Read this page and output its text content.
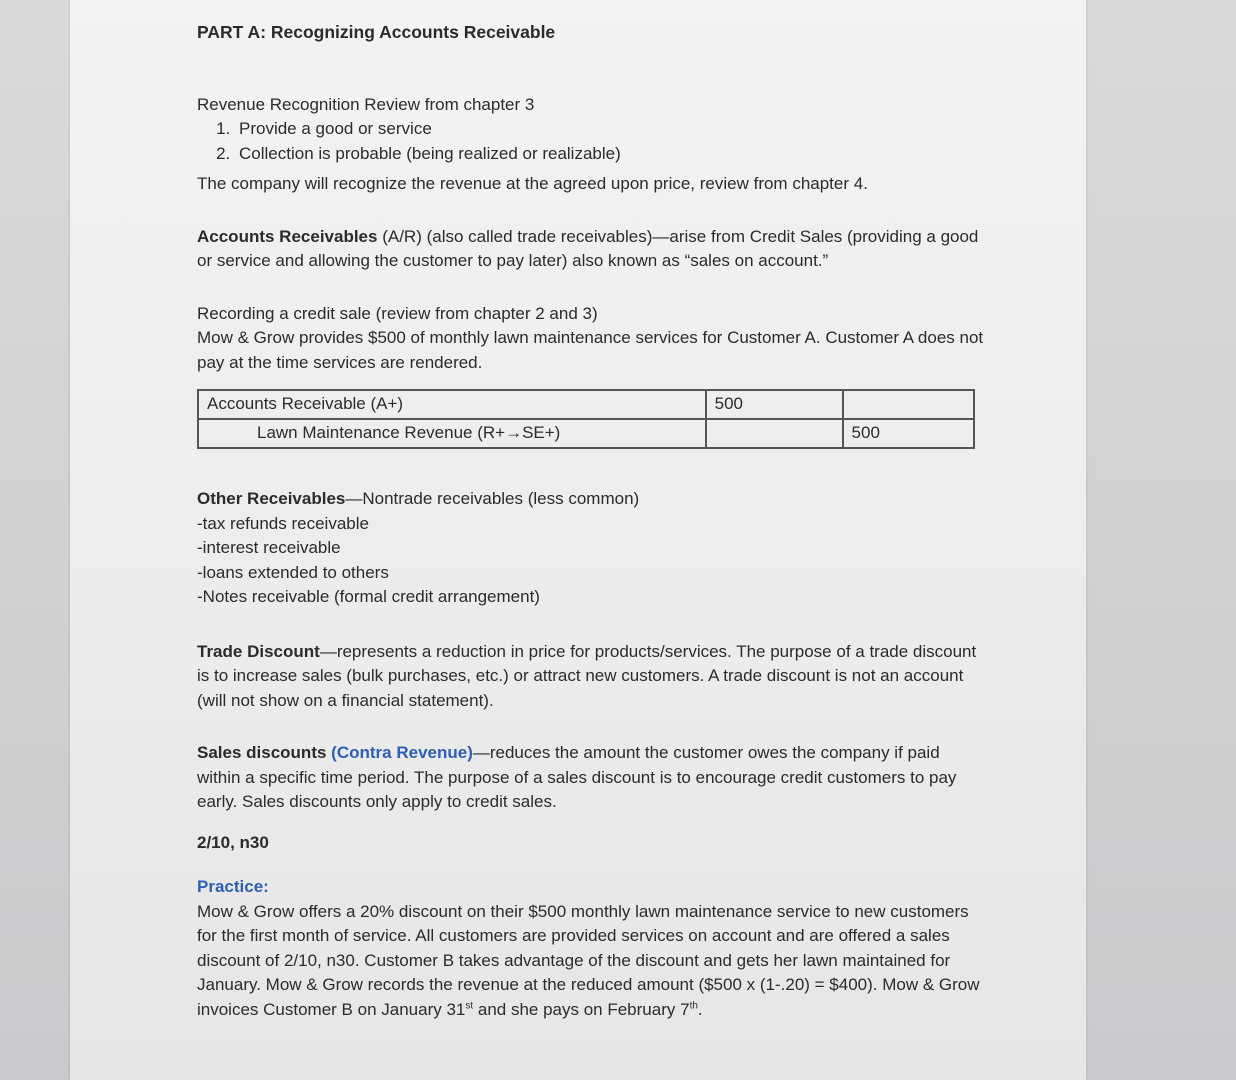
PART A: Recognizing Accounts Receivable

Revenue Recognition Review from chapter 3

1. Provide a good or service
2. Collection is probable (being realized or realizable)

The company will recognize the revenue at the agreed upon price, review from chapter 4.

Accounts Receivables (A/R) (also called trade receivables)—arise from Credit Sales (providing a good or service and allowing the customer to pay later) also known as “sales on account.”

Recording a credit sale (review from chapter 2 and 3)

Mow & Grow provides $500 of monthly lawn maintenance services for Customer A. Customer A does not pay at the time services are rendered.

Accounts Receivable (A+)	500	
Lawn Maintenance Revenue (R+→SE+)		500

Other Receivables—Nontrade receivables (less common)

-tax refunds receivable
-interest receivable
-loans extended to others
-Notes receivable (formal credit arrangement)

Trade Discount—represents a reduction in price for products/services. The purpose of a trade discount is to increase sales (bulk purchases, etc.) or attract new customers. A trade discount is not an account (will not show on a financial statement).

Sales discounts (Contra Revenue)—reduces the amount the customer owes the company if paid within a specific time period. The purpose of a sales discount is to encourage credit customers to pay early. Sales discounts only apply to credit sales.

2/10, n30

Practice:

Mow & Grow offers a 20% discount on their $500 monthly lawn maintenance service to new customers for the first month of service. All customers are provided services on account and are offered a sales discount of 2/10, n30. Customer B takes advantage of the discount and gets her lawn maintained for January. Mow & Grow records the revenue at the reduced amount ($500 x (1-.20) = $400). Mow & Grow invoices Customer B on January 31st and she pays on February 7th.
